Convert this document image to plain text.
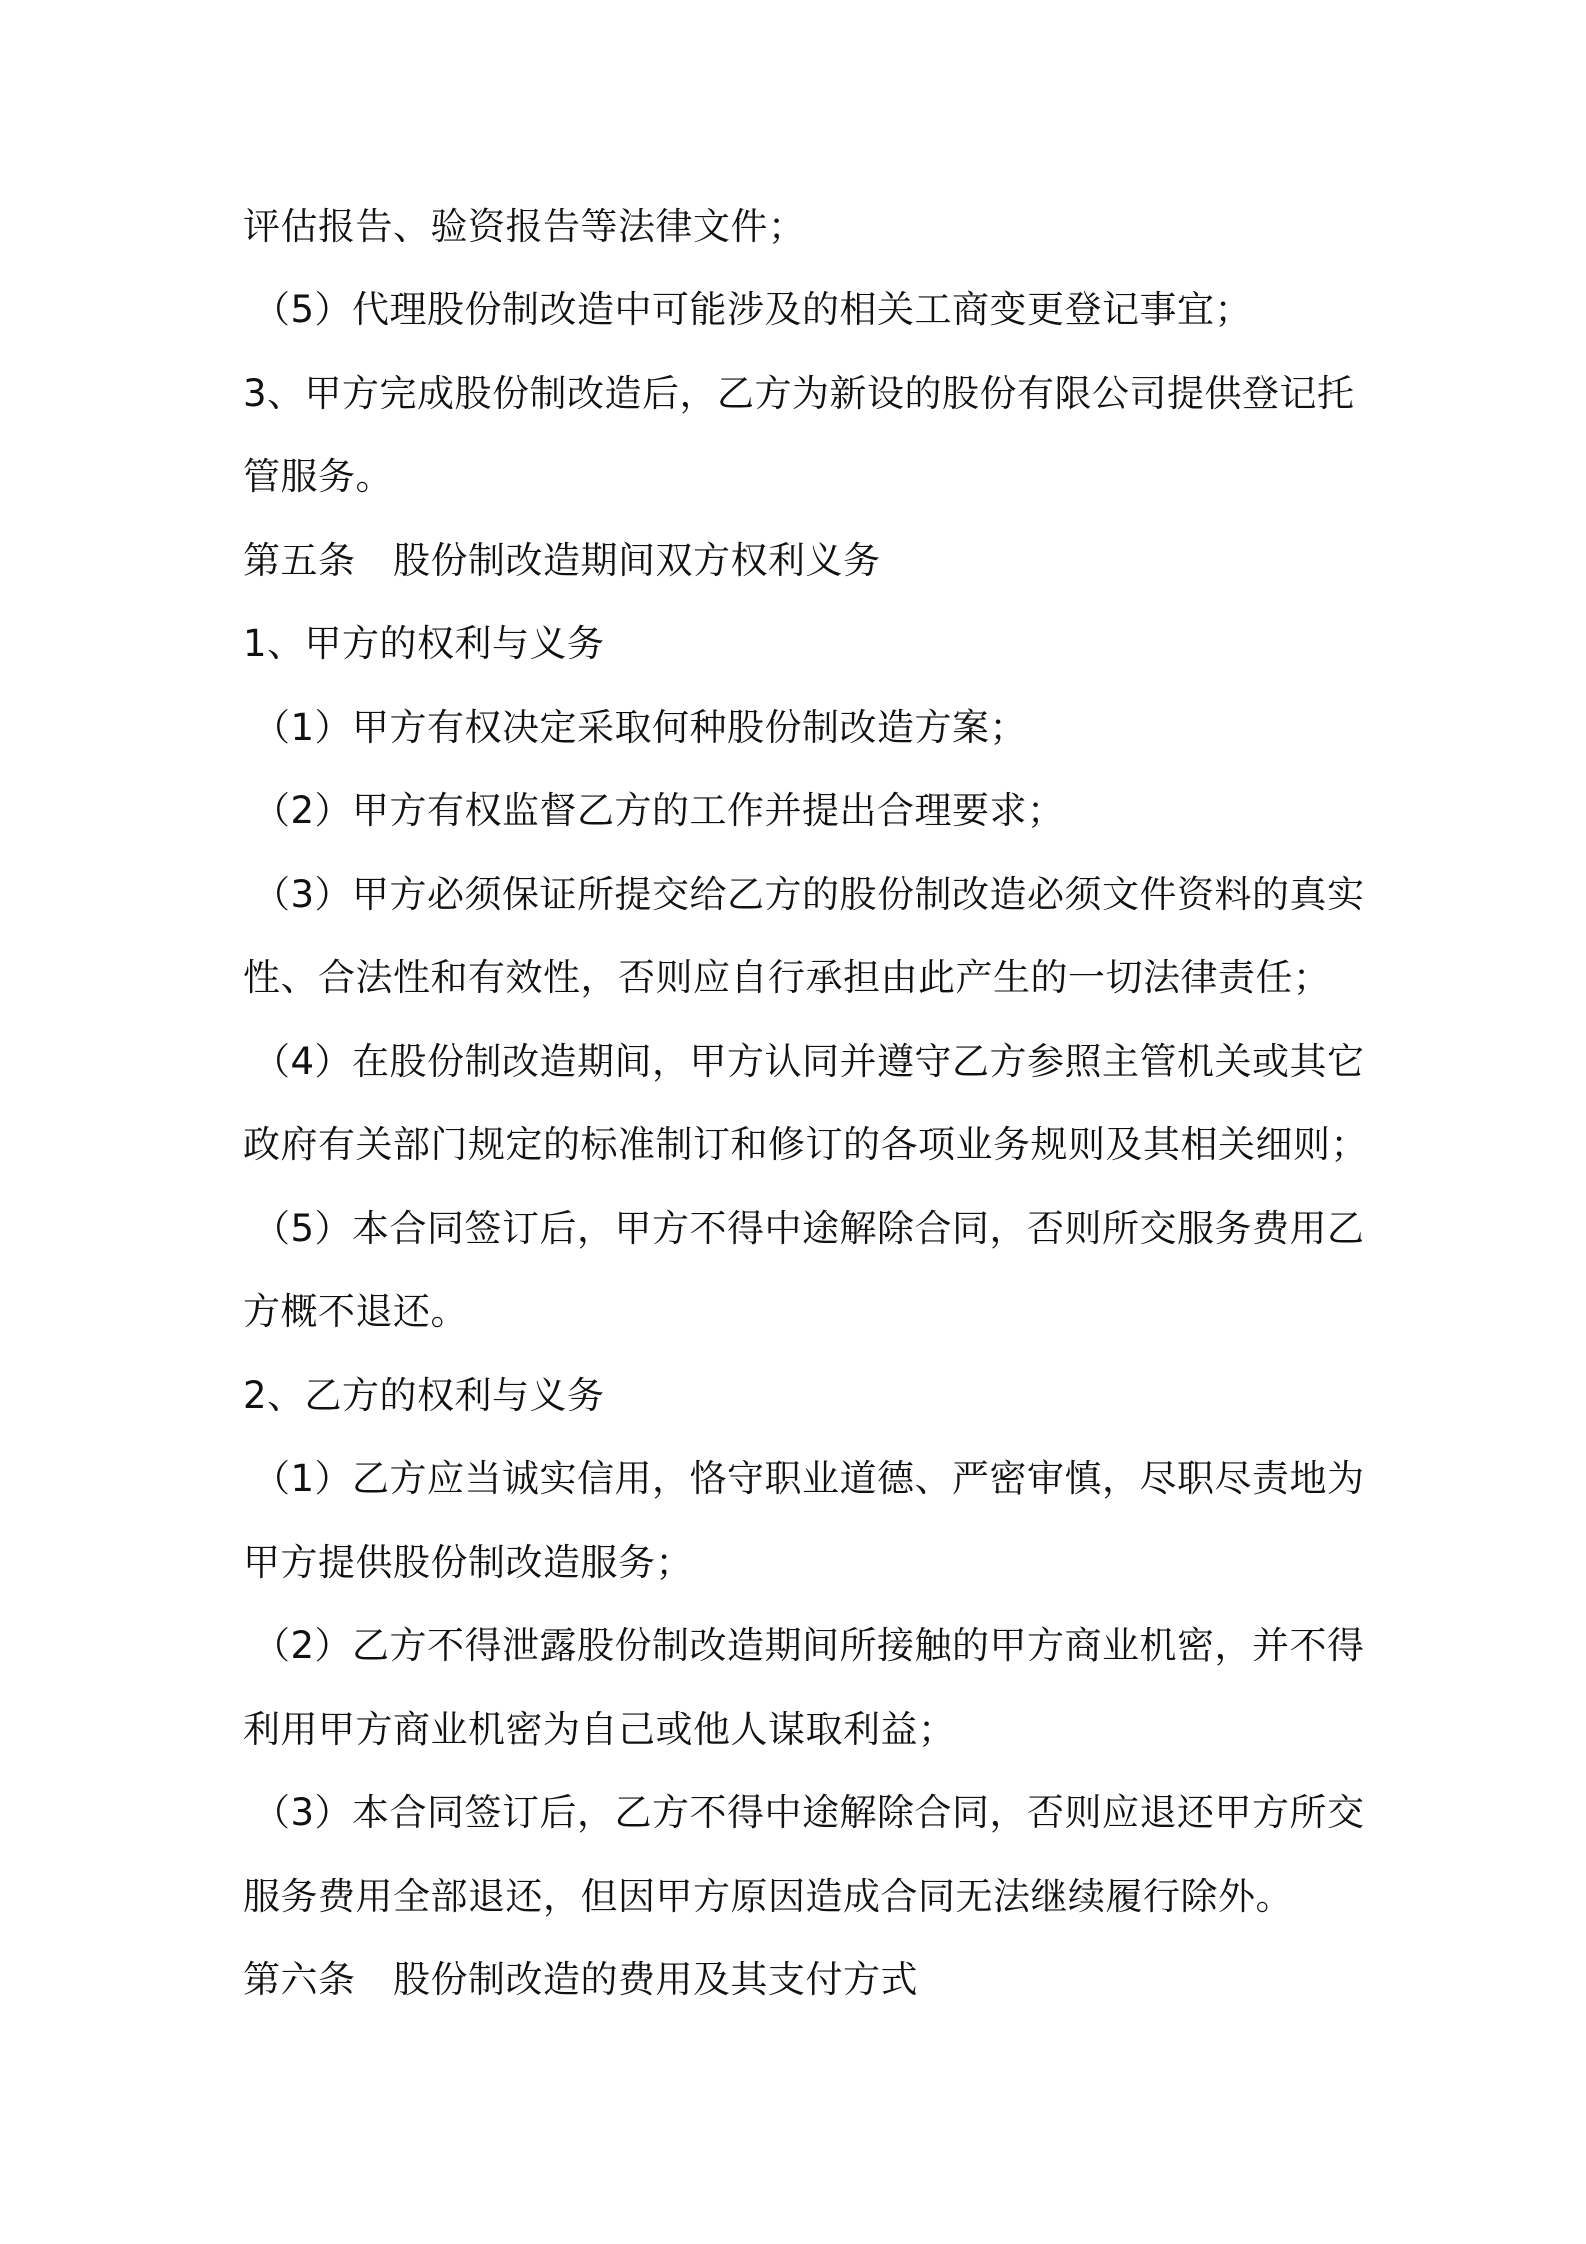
评估报告、验资报告等法律文件；
（5）代理股份制改造中可能涉及的相关工商变更登记事宜；
3、甲方完成股份制改造后，乙方为新设的股份有限公司提供登记托
管服务。
第五条　股份制改造期间双方权利义务
1、甲方的权利与义务
（1）甲方有权决定采取何种股份制改造方案；
（2）甲方有权监督乙方的工作并提出合理要求；
（3）甲方必须保证所提交给乙方的股份制改造必须文件资料的真实
性、合法性和有效性，否则应自行承担由此产生的一切法律责任；
（4）在股份制改造期间，甲方认同并遵守乙方参照主管机关或其它
政府有关部门规定的标准制订和修订的各项业务规则及其相关细则；
（5）本合同签订后，甲方不得中途解除合同，否则所交服务费用乙
方概不退还。
2、乙方的权利与义务
（1）乙方应当诚实信用，恪守职业道德、严密审慎，尽职尽责地为
甲方提供股份制改造服务；
（2）乙方不得泄露股份制改造期间所接触的甲方商业机密，并不得
利用甲方商业机密为自己或他人谋取利益；
（3）本合同签订后，乙方不得中途解除合同，否则应退还甲方所交
服务费用全部退还，但因甲方原因造成合同无法继续履行除外。
第六条　股份制改造的费用及其支付方式
